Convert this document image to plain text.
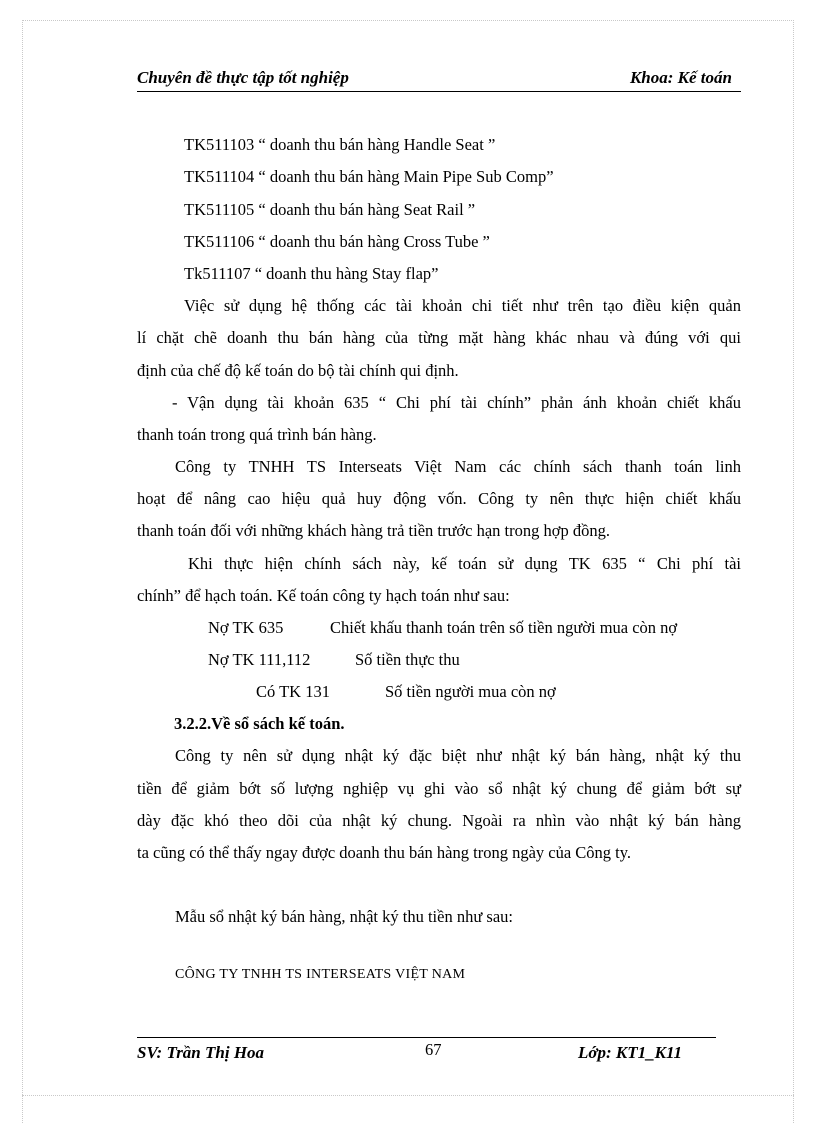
Chuyên đề thực tập tốt nghiệp	Khoa: Kế toán
TK511103 “ doanh thu bán hàng Handle Seat ”
TK511104 “ doanh thu bán hàng Main Pipe Sub Comp”
TK511105 “ doanh thu bán hàng Seat Rail ”
TK511106 “ doanh thu bán hàng Cross Tube ”
Tk511107 “ doanh thu hàng Stay flap”
Việc sử dụng hệ thống các tài khoản chi tiết như trên tạo điều kiện quản
lí chặt chẽ doanh thu bán hàng của từng mặt hàng khác nhau và đúng với qui
định của chế độ kế toán do bộ tài chính qui định.
- Vận dụng tài khoản 635 “ Chi phí tài chính” phản ánh khoản chiết khấu
thanh toán trong quá trình bán hàng.
Công ty TNHH TS Interseats Việt Nam các chính sách thanh toán linh
hoạt để nâng cao hiệu quả huy động vốn. Công ty nên thực hiện chiết khấu
thanh toán đối với những khách hàng trả tiền trước hạn trong hợp đồng.
Khi thực hiện chính sách này, kế toán sử dụng TK 635 “ Chi phí tài
chính” để hạch toán. Kế toán công ty hạch toán như sau:
Nợ TK 635	Chiết khấu thanh toán trên số tiền người mua còn nợ
Nợ TK 111,112	Số tiền thực thu
Có TK 131	Số tiền người mua còn nợ
3.2.2.Về sổ sách kế toán.
Công ty nên sử dụng nhật ký đặc biệt như nhật ký bán hàng, nhật ký thu
tiền để giảm bớt số lượng nghiệp vụ ghi vào sổ nhật ký chung để giảm bớt sự
dày đặc khó theo dõi của nhật ký chung. Ngoài ra nhìn vào nhật ký bán hàng
ta cũng có thể thấy ngay được doanh thu bán hàng trong ngày của Công ty.
Mẫu sổ nhật ký bán hàng, nhật ký thu tiền như sau:
CÔNG TY TNHH TS INTERSEATS VIỆT NAM
SV: Trần Thị Hoa	67	Lớp: KT1_K11
